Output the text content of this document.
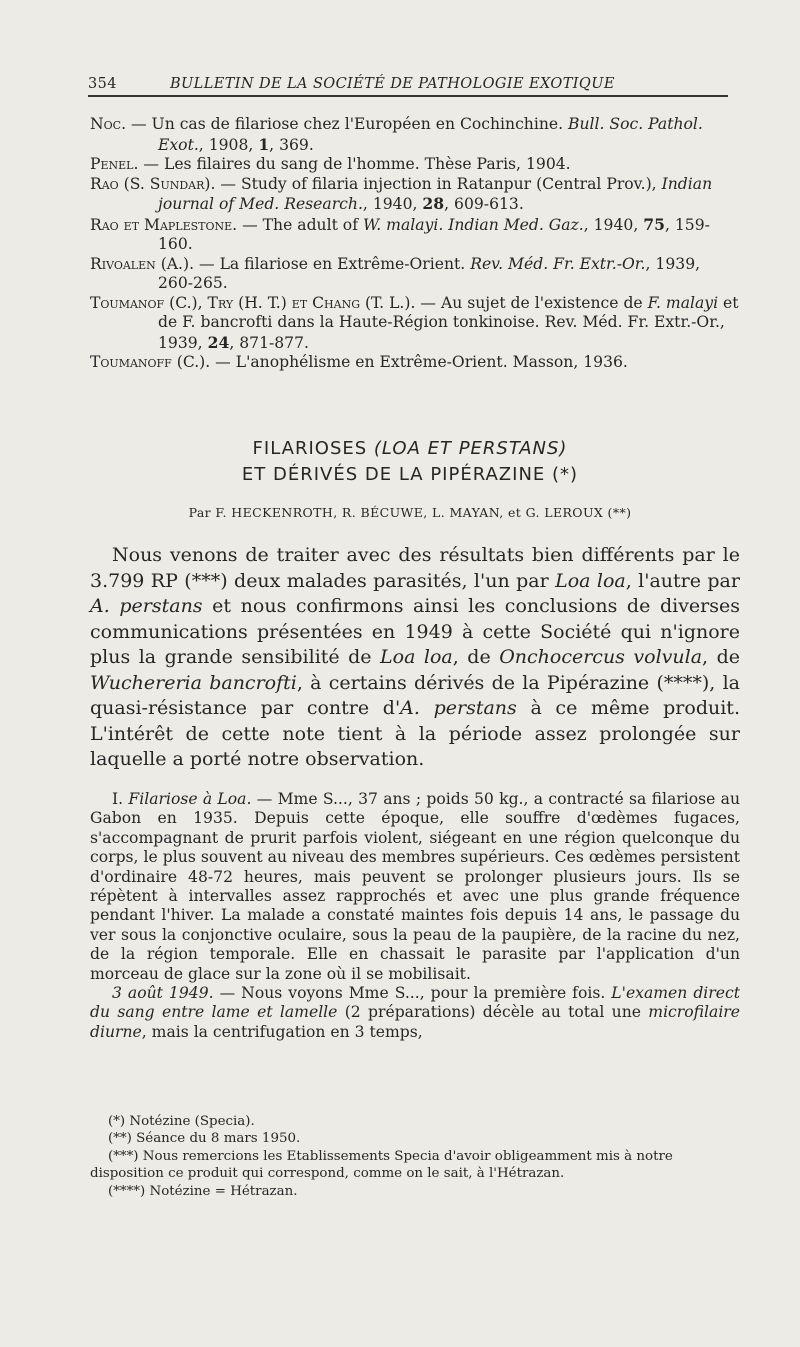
354	BULLETIN DE LA SOCIÉTÉ DE PATHOLOGIE EXOTIQUE
Noc. — Un cas de filariose chez l'Européen en Cochinchine. Bull. Soc. Pathol. Exot., 1908, 1, 369.
Penel. — Les filaires du sang de l'homme. Thèse Paris, 1904.
Rao (S. Sundar). — Study of filaria injection in Ratanpur (Central Prov.), Indian journal of Med. Research., 1940, 28, 609-613.
Rao et Maplestone. — The adult of W. malayi. Indian Med. Gaz., 1940, 75, 159-160.
Rivoalen (A.). — La filariose en Extrême-Orient. Rev. Méd. Fr. Extr.-Or., 1939, 260-265.
Toumanof (C.), Try (H. T.) et Chang (T. L.). — Au sujet de l'existence de F. malayi et de F. bancrofti dans la Haute-Région tonkinoise. Rev. Méd. Fr. Extr.-Or., 1939, 24, 871-877.
Toumanoff (C.). — L'anophélisme en Extrême-Orient. Masson, 1936.
FILARIOSES (LOA ET PERSTANS)
ET DÉRIVÉS DE LA PIPÉRAZINE (*)
Par F. HECKENROTH, R. BÉCUWE, L. MAYAN, et G. LEROUX (**)

Nous venons de traiter avec des résultats bien différents par le 3.799 RP (***) deux malades parasités, l'un par Loa loa, l'autre par A. perstans et nous confirmons ainsi les conclusions de diverses communications présentées en 1949 à cette Société qui n'ignore plus la grande sensibilité de Loa loa, de Onchocercus volvula, de Wuchereria bancrofti, à certains dérivés de la Pipérazine (****), la quasi-résistance par contre d'A. perstans à ce même produit. L'intérêt de cette note tient à la période assez prolongée sur laquelle a porté notre observation.

I. Filariose à Loa. — Mme S..., 37 ans ; poids 50 kg., a contracté sa filariose au Gabon en 1935. Depuis cette époque, elle souffre d'œdèmes fugaces, s'accompagnant de prurit parfois violent, siégeant en une région quelconque du corps, le plus souvent au niveau des membres supérieurs. Ces œdèmes persistent d'ordinaire 48-72 heures, mais peuvent se prolonger plusieurs jours. Ils se répètent à intervalles assez rapprochés et avec une plus grande fréquence pendant l'hiver. La malade a constaté maintes fois depuis 14 ans, le passage du ver sous la conjonctive oculaire, sous la peau de la paupière, de la racine du nez, de la région temporale. Elle en chassait le parasite par l'application d'un morceau de glace sur la zone où il se mobilisait.

3 août 1949. — Nous voyons Mme S..., pour la première fois. L'examen direct du sang entre lame et lamelle (2 préparations) décèle au total une microfilaire diurne, mais la centrifugation en 3 temps,

(*) Notézine (Specia).

(**) Séance du 8 mars 1950.

(***) Nous remercions les Etablissements Specia d'avoir obligeamment mis à notre disposition ce produit qui correspond, comme on le sait, à l'Hétrazan.

(****) Notézine = Hétrazan.
